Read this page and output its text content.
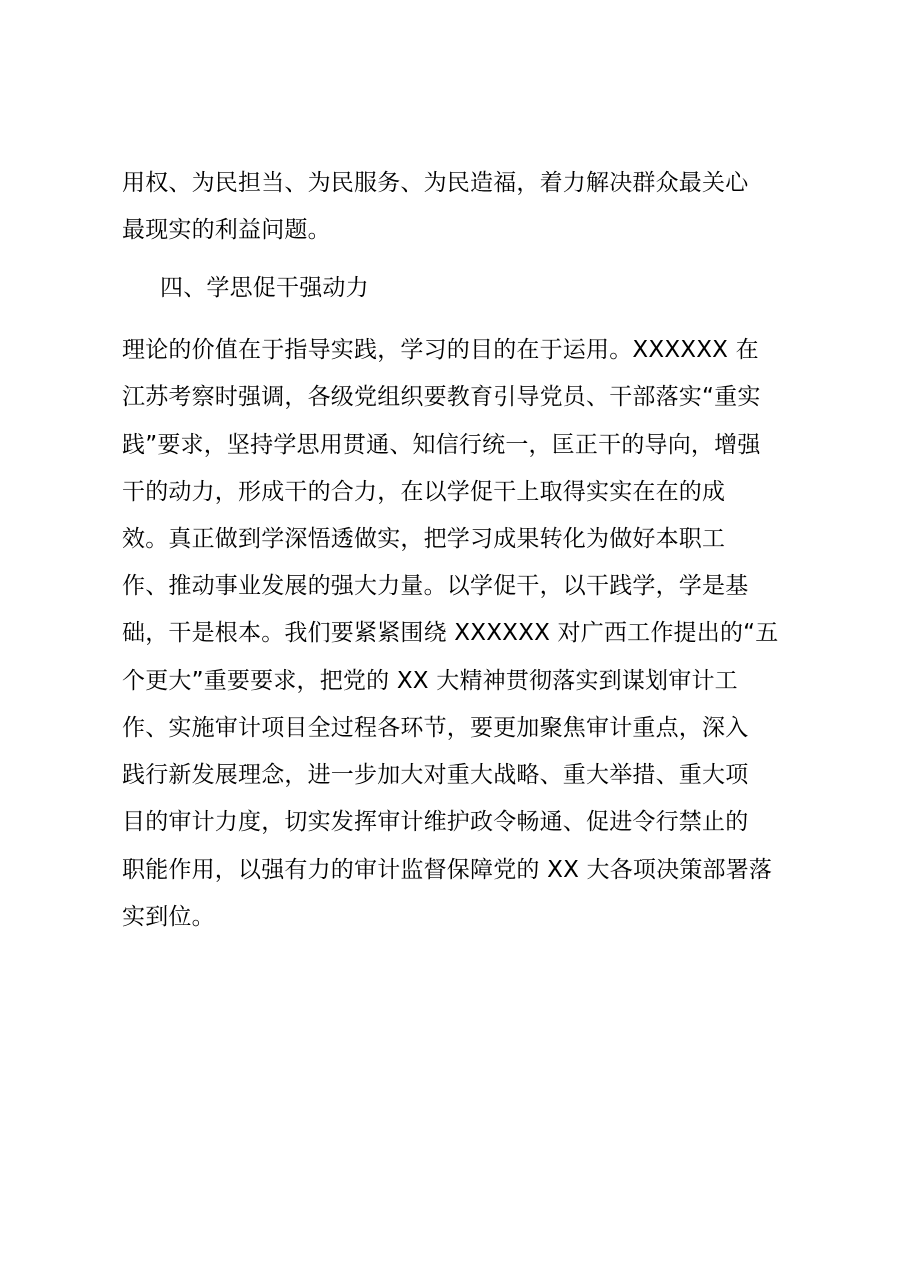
用权、为民担当、为民服务、为民造福，着力解决群众最关心
最现实的利益问题。
四、学思促干强动力
理论的价值在于指导实践，学习的目的在于运用。XXXXXX 在
江苏考察时强调，各级党组织要教育引导党员、干部落实“重实
践”要求，坚持学思用贯通、知信行统一，匡正干的导向，增强
干的动力，形成干的合力，在以学促干上取得实实在在的成
效。真正做到学深悟透做实，把学习成果转化为做好本职工
作、推动事业发展的强大力量。以学促干，以干践学，学是基
础，干是根本。我们要紧紧围绕 XXXXXX 对广西工作提出的“五
个更大”重要要求，把党的 XX 大精神贯彻落实到谋划审计工
作、实施审计项目全过程各环节，要更加聚焦审计重点，深入
践行新发展理念，进一步加大对重大战略、重大举措、重大项
目的审计力度，切实发挥审计维护政令畅通、促进令行禁止的
职能作用，以强有力的审计监督保障党的 XX 大各项决策部署落
实到位。
